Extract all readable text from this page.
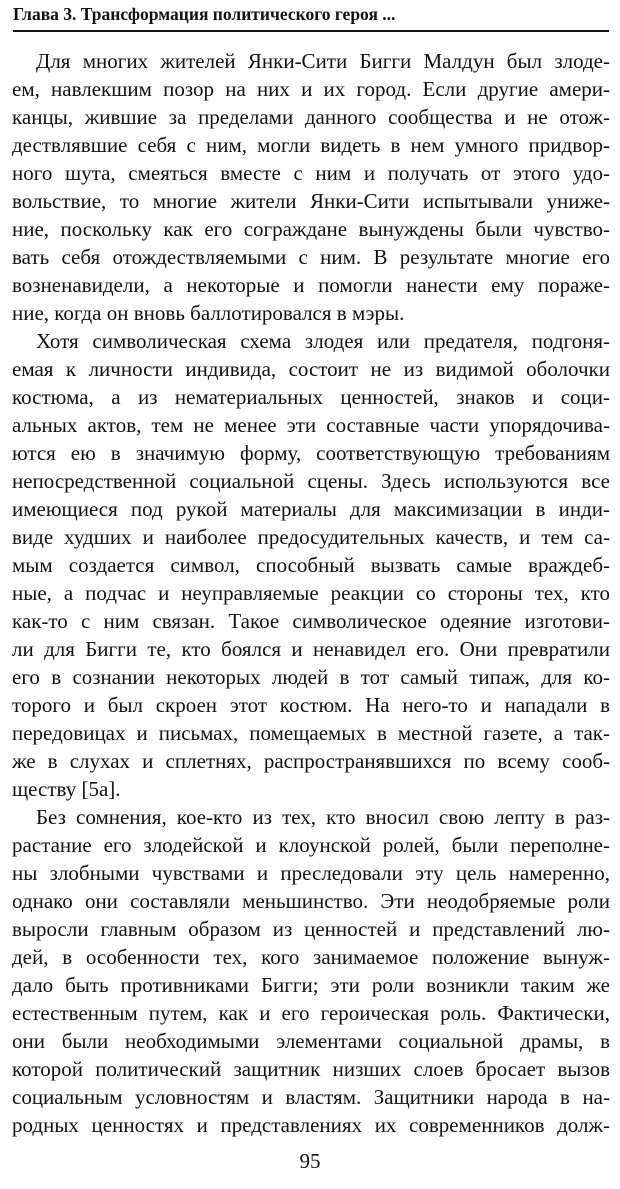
Глава 3. Трансформация политического героя ...
Для многих жителей Янки-Сити Бигги Малдун был злоде-
ем, навлекшим позор на них и их город. Если другие амери-
канцы, жившие за пределами данного сообщества и не отож-
дествлявшие себя с ним, могли видеть в нем умного придвор-
ного шута, смеяться вместе с ним и получать от этого удо-
вольствие, то многие жители Янки-Сити испытывали униже-
ние, поскольку как его сограждане вынуждены были чувство-
вать себя отождествляемыми с ним. В результате многие его
возненавидели, а некоторые и помогли нанести ему пораже-
ние, когда он вновь баллотировался в мэры.
Хотя символическая схема злодея или предателя, подгоня-
емая к личности индивида, состоит не из видимой оболочки
костюма, а из нематериальных ценностей, знаков и соци-
альных актов, тем не менее эти составные части упорядочива-
ются ею в значимую форму, соответствующую требованиям
непосредственной социальной сцены. Здесь используются все
имеющиеся под рукой материалы для максимизации в инди-
виде худших и наиболее предосудительных качеств, и тем са-
мым создается символ, способный вызвать самые враждеб-
ные, а подчас и неуправляемые реакции со стороны тех, кто
как-то с ним связан. Такое символическое одеяние изготови-
ли для Бигги те, кто боялся и ненавидел его. Они превратили
его в сознании некоторых людей в тот самый типаж, для ко-
торого и был скроен этот костюм. На него-то и нападали в
передовицах и письмах, помещаемых в местной газете, а так-
же в слухах и сплетнях, распространявшихся по всему сооб-
ществу [5a].
Без сомнения, кое-кто из тех, кто вносил свою лепту в раз-
растание его злодейской и клоунской ролей, были переполне-
ны злобными чувствами и преследовали эту цель намеренно,
однако они составляли меньшинство. Эти неодобряемые роли
выросли главным образом из ценностей и представлений лю-
дей, в особенности тех, кого занимаемое положение вынуж-
дало быть противниками Бигги; эти роли возникли таким же
естественным путем, как и его героическая роль. Фактически,
они были необходимыми элементами социальной драмы, в
которой политический защитник низших слоев бросает вызов
социальным условностям и властям. Защитники народа в на-
родных ценностях и представлениях их современников долж-
95
